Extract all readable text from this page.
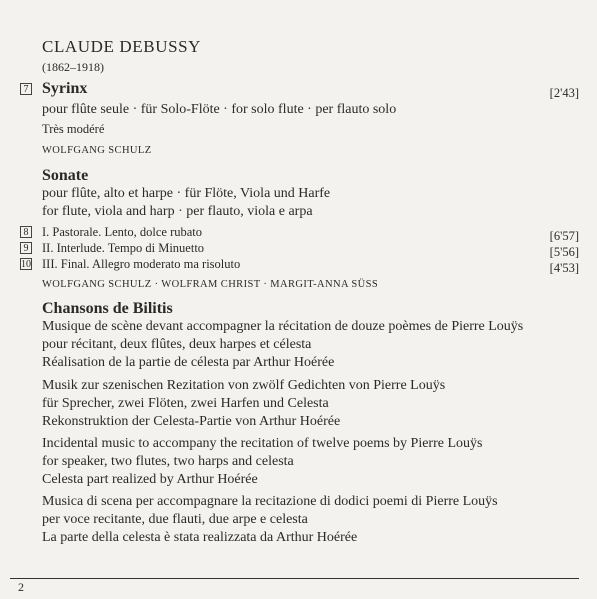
CLAUDE DEBUSSY
(1862–1918)
7 Syrinx	[2'43]
pour flûte seule · für Solo-Flöte · for solo flute · per flauto solo
Très modéré
WOLFGANG SCHULZ
Sonate
pour flûte, alto et harpe · für Flöte, Viola und Harfe
for flute, viola and harp · per flauto, viola e arpa
8 I. Pastorale. Lento, dolce rubato	[6'57]
9 II. Interlude. Tempo di Minuetto	[5'56]
10 III. Final. Allegro moderato ma risoluto	[4'53]
WOLFGANG SCHULZ · WOLFRAM CHRIST · MARGIT-ANNA SÜSS
Chansons de Bilitis
Musique de scène devant accompagner la récitation de douze poèmes de Pierre Louÿs
pour récitant, deux flûtes, deux harpes et célesta
Réalisation de la partie de célesta par Arthur Hoérée
Musik zur szenischen Rezitation von zwölf Gedichten von Pierre Louÿs
für Sprecher, zwei Flöten, zwei Harfen und Celesta
Rekonstruktion der Celesta-Partie von Arthur Hoérée
Incidental music to accompany the recitation of twelve poems by Pierre Louÿs
for speaker, two flutes, two harps and celesta
Celesta part realized by Arthur Hoérée
Musica di scena per accompagnare la recitazione di dodici poemi di Pierre Louÿs
per voce recitante, due flauti, due arpe e celesta
La parte della celesta è stata realizzata da Arthur Hoérée
2
